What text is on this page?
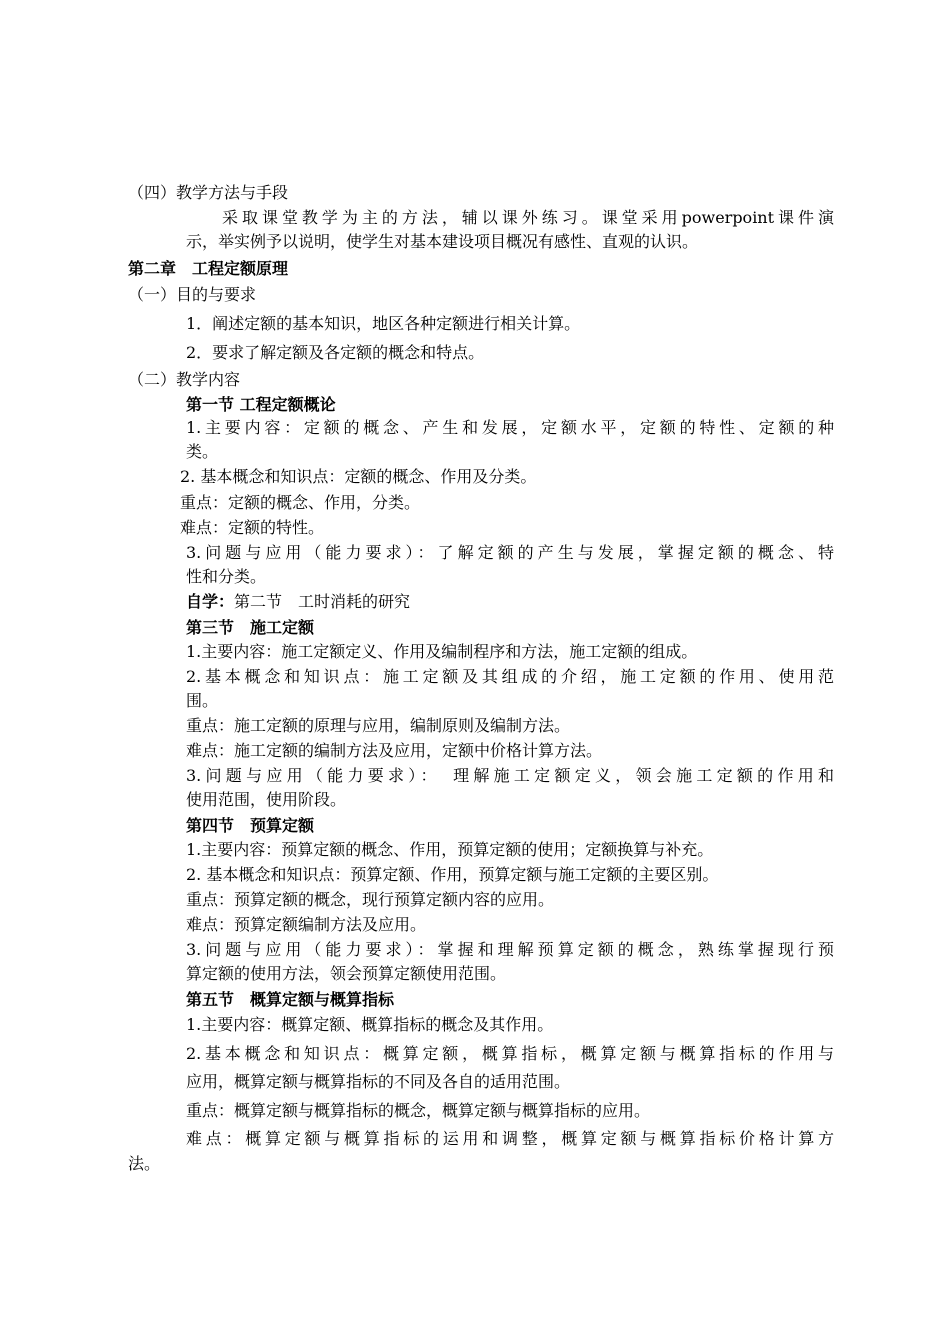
（四）教学方法与手段
采取课堂教学为主的方法，辅以课外练习。课堂采用powerpoint课件演
示，举实例予以说明，使学生对基本建设项目概况有感性、直观的认识。
第二章　工程定额原理
（一）目的与要求
1．阐述定额的基本知识，地区各种定额进行相关计算。
2．要求了解定额及各定额的概念和特点。
（二）教学内容
第一节 工程定额概论
1.主要内容：定额的概念、产生和发展，定额水平，定额的特性、定额的种
类。
2. 基本概念和知识点：定额的概念、作用及分类。
重点：定额的概念、作用，分类。
难点：定额的特性。
3.问题与应用（能力要求）：了解定额的产生与发展，掌握定额的概念、特
性和分类。
自学：第二节　工时消耗的研究
第三节　施工定额
1.主要内容：施工定额定义、作用及编制程序和方法，施工定额的组成。
2.基本概念和知识点：施工定额及其组成的介绍，施工定额的作用、使用范
围。
重点：施工定额的原理与应用，编制原则及编制方法。
难点：施工定额的编制方法及应用，定额中价格计算方法。
3.问题与应用（能力要求）：　理解施工定额定义，领会施工定额的作用和
使用范围，使用阶段。
第四节　预算定额
1.主要内容：预算定额的概念、作用，预算定额的使用；定额换算与补充。
2. 基本概念和知识点：预算定额、作用，预算定额与施工定额的主要区别。
重点：预算定额的概念，现行预算定额内容的应用。
难点：预算定额编制方法及应用。
3.问题与应用（能力要求）：掌握和理解预算定额的概念，熟练掌握现行预
算定额的使用方法，领会预算定额使用范围。
第五节　概算定额与概算指标
1.主要内容：概算定额、概算指标的概念及其作用。
2.基本概念和知识点：概算定额，概算指标，概算定额与概算指标的作用与
应用，概算定额与概算指标的不同及各自的适用范围。
重点：概算定额与概算指标的概念，概算定额与概算指标的应用。
难点：概算定额与概算指标的运用和调整，概算定额与概算指标价格计算方
法。
